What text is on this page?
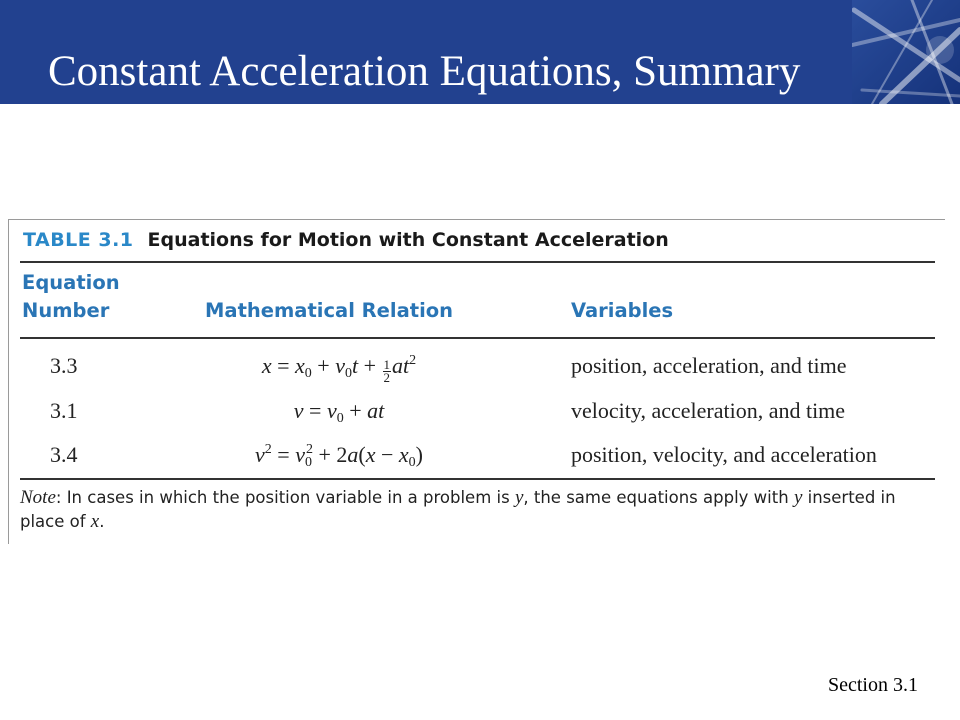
Constant Acceleration Equations, Summary
TABLE 3.1 Equations for Motion with Constant Acceleration
Equation
Number	Mathematical Relation	Variables
3.3	$x = x_0 + v_0t + \frac{1}{2} at^2$	position, acceleration, and time
3.1	$v = v_0$ + at	velocity, acceleration, and time
3.4	$v^2 = v_0^2 + 2a(x - x_0)$	position, velocity, and acceleration
Note: In cases in which the position variable in a problem is y, the same equations apply with y inserted in place of x.
Section 3.1
